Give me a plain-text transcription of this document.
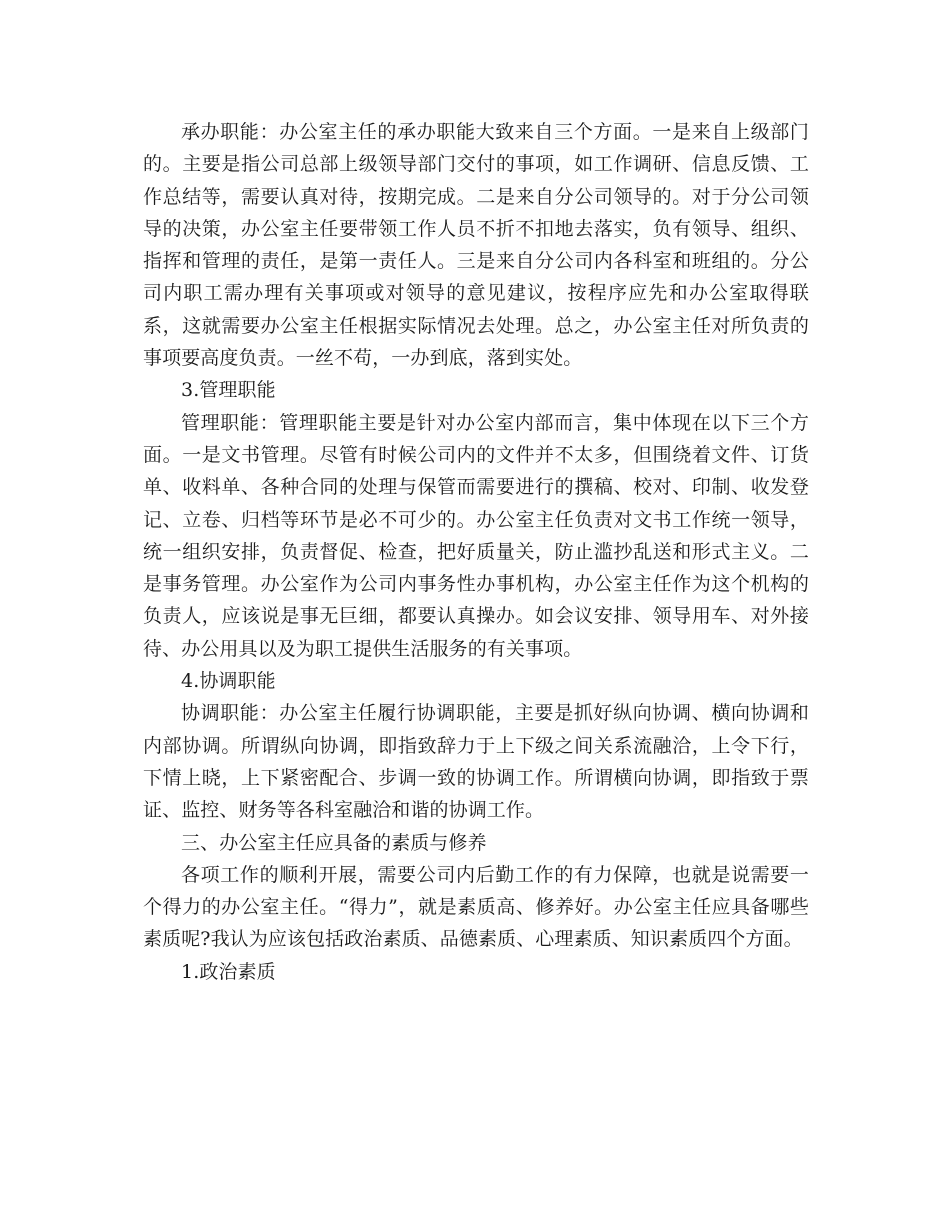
承办职能：办公室主任的承办职能大致来自三个方面。一是来自上级部门的。主要是指公司总部上级领导部门交付的事项，如工作调研、信息反馈、工作总结等，需要认真对待，按期完成。二是来自分公司领导的。对于分公司领导的决策，办公室主任要带领工作人员不折不扣地去落实，负有领导、组织、指挥和管理的责任，是第一责任人。三是来自分公司内各科室和班组的。分公司内职工需办理有关事项或对领导的意见建议，按程序应先和办公室取得联系，这就需要办公室主任根据实际情况去处理。总之，办公室主任对所负责的事项要高度负责。一丝不苟，一办到底，落到实处。

3.管理职能

管理职能：管理职能主要是针对办公室内部而言，集中体现在以下三个方面。一是文书管理。尽管有时候公司内的文件并不太多，但围绕着文件、订货单、收料单、各种合同的处理与保管而需要进行的撰稿、校对、印制、收发登记、立卷、归档等环节是必不可少的。办公室主任负责对文书工作统一领导，统一组织安排，负责督促、检查，把好质量关，防止滥抄乱送和形式主义。二是事务管理。办公室作为公司内事务性办事机构，办公室主任作为这个机构的负责人，应该说是事无巨细，都要认真操办。如会议安排、领导用车、对外接待、办公用具以及为职工提供生活服务的有关事项。

4.协调职能

协调职能：办公室主任履行协调职能，主要是抓好纵向协调、横向协调和内部协调。所谓纵向协调，即指致辞力于上下级之间关系流融洽，上令下行，下情上晓，上下紧密配合、步调一致的协调工作。所谓横向协调，即指致于票证、监控、财务等各科室融洽和谐的协调工作。

三、办公室主任应具备的素质与修养

各项工作的顺利开展，需要公司内后勤工作的有力保障，也就是说需要一个得力的办公室主任。“得力”，就是素质高、修养好。办公室主任应具备哪些素质呢?我认为应该包括政治素质、品德素质、心理素质、知识素质四个方面。

1.政治素质
